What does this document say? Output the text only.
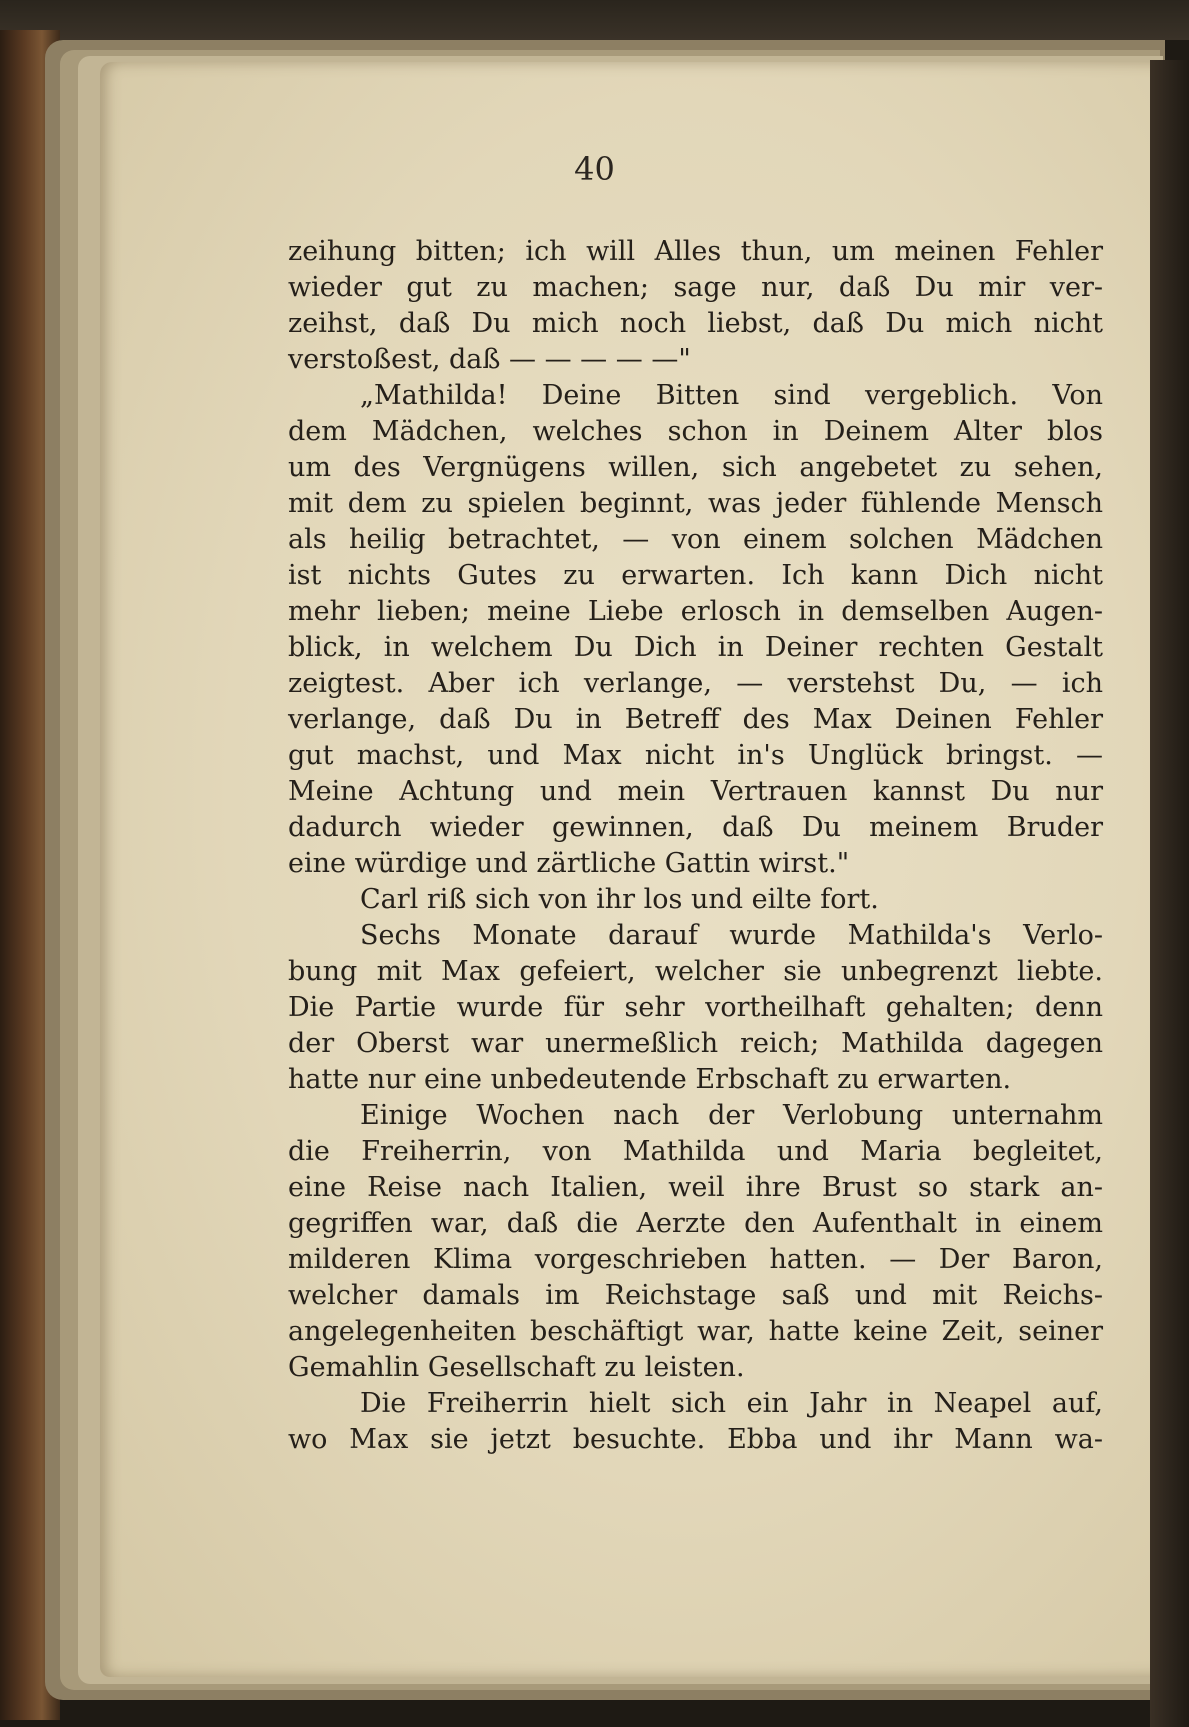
40
zeihung bitten; ich will Alles thun, um meinen Fehler
wieder gut zu machen; sage nur, daß Du mir ver-
zeihst, daß Du mich noch liebst, daß Du mich nicht
verstoßest, daß — — — — —"
„Mathilda! Deine Bitten sind vergeblich. Von
dem Mädchen, welches schon in Deinem Alter blos
um des Vergnügens willen, sich angebetet zu sehen,
mit dem zu spielen beginnt, was jeder fühlende Mensch
als heilig betrachtet, — von einem solchen Mädchen
ist nichts Gutes zu erwarten. Ich kann Dich nicht
mehr lieben; meine Liebe erlosch in demselben Augen-
blick, in welchem Du Dich in Deiner rechten Gestalt
zeigtest. Aber ich verlange, — verstehst Du, — ich
verlange, daß Du in Betreff des Max Deinen Fehler
gut machst, und Max nicht in's Unglück bringst. —
Meine Achtung und mein Vertrauen kannst Du nur
dadurch wieder gewinnen, daß Du meinem Bruder
eine würdige und zärtliche Gattin wirst."
Carl riß sich von ihr los und eilte fort.
Sechs Monate darauf wurde Mathilda's Verlo-
bung mit Max gefeiert, welcher sie unbegrenzt liebte.
Die Partie wurde für sehr vortheilhaft gehalten; denn
der Oberst war unermeßlich reich; Mathilda dagegen
hatte nur eine unbedeutende Erbschaft zu erwarten.
Einige Wochen nach der Verlobung unternahm
die Freiherrin, von Mathilda und Maria begleitet,
eine Reise nach Italien, weil ihre Brust so stark an-
gegriffen war, daß die Aerzte den Aufenthalt in einem
milderen Klima vorgeschrieben hatten. — Der Baron,
welcher damals im Reichstage saß und mit Reichs-
angelegenheiten beschäftigt war, hatte keine Zeit, seiner
Gemahlin Gesellschaft zu leisten.
Die Freiherrin hielt sich ein Jahr in Neapel auf,
wo Max sie jetzt besuchte. Ebba und ihr Mann wa-
